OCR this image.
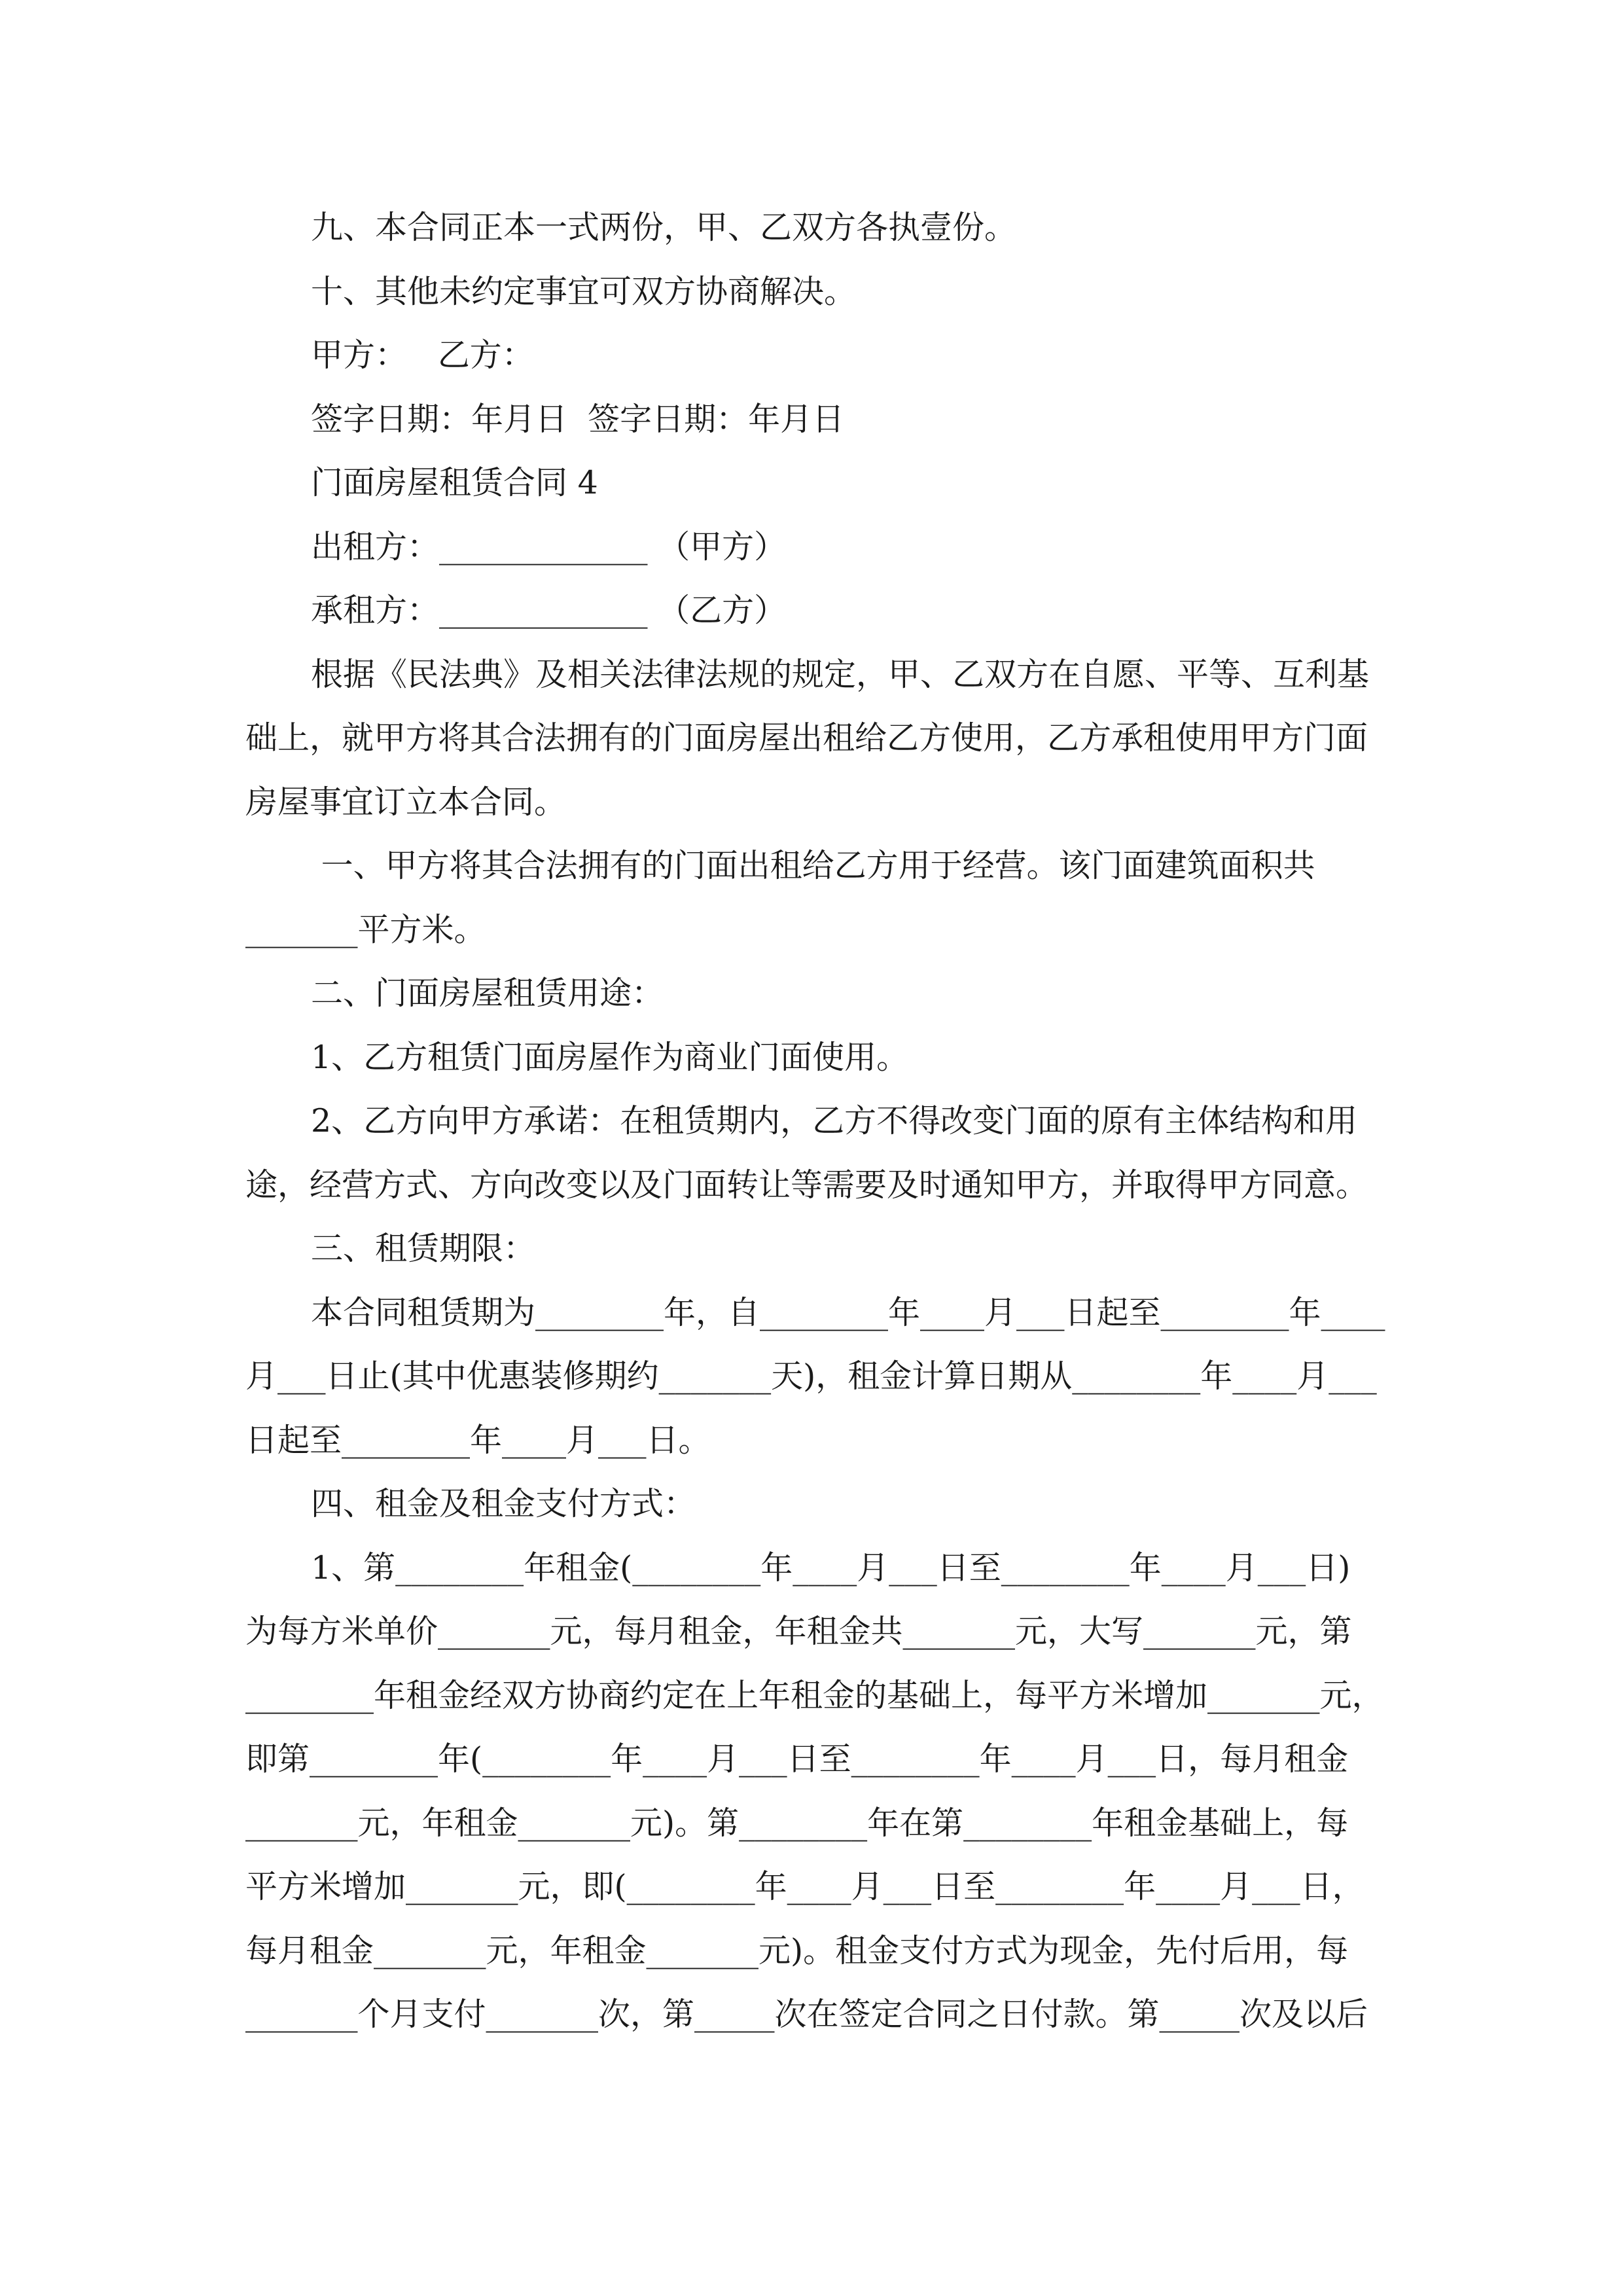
九、本合同正本一式两份，甲、乙双方各执壹份。
十、其他未约定事宜可双方协商解决。
甲方：   乙方：
签字日期：年月日  签字日期：年月日
门面房屋租赁合同 4
出租方：_____________ （甲方）
承租方：_____________ （乙方）
根据《民法典》及相关法律法规的规定，甲、乙双方在自愿、平等、互利基
础上，就甲方将其合法拥有的门面房屋出租给乙方使用，乙方承租使用甲方门面
房屋事宜订立本合同。
一、甲方将其合法拥有的门面出租给乙方用于经营。该门面建筑面积共
_______平方米。
二、门面房屋租赁用途：
1、乙方租赁门面房屋作为商业门面使用。
2、乙方向甲方承诺：在租赁期内，乙方不得改变门面的原有主体结构和用
途，经营方式、方向改变以及门面转让等需要及时通知甲方，并取得甲方同意。
三、租赁期限：
本合同租赁期为________年，自________年____月___日起至________年____
月___日止(其中优惠装修期约_______天)，租金计算日期从________年____月___
日起至________年____月___日。
四、租金及租金支付方式：
1、第________年租金(________年____月___日至________年____月___日)
为每方米单价_______元，每月租金，年租金共_______元，大写_______元，第
________年租金经双方协商约定在上年租金的基础上，每平方米增加_______元，
即第________年(________年____月___日至________年____月___日，每月租金
_______元，年租金_______元)。第________年在第________年租金基础上，每
平方米增加_______元，即(________年____月___日至________年____月___日，
每月租金_______元，年租金_______元)。租金支付方式为现金，先付后用，每
_______个月支付_______次，第_____次在签定合同之日付款。第_____次及以后
